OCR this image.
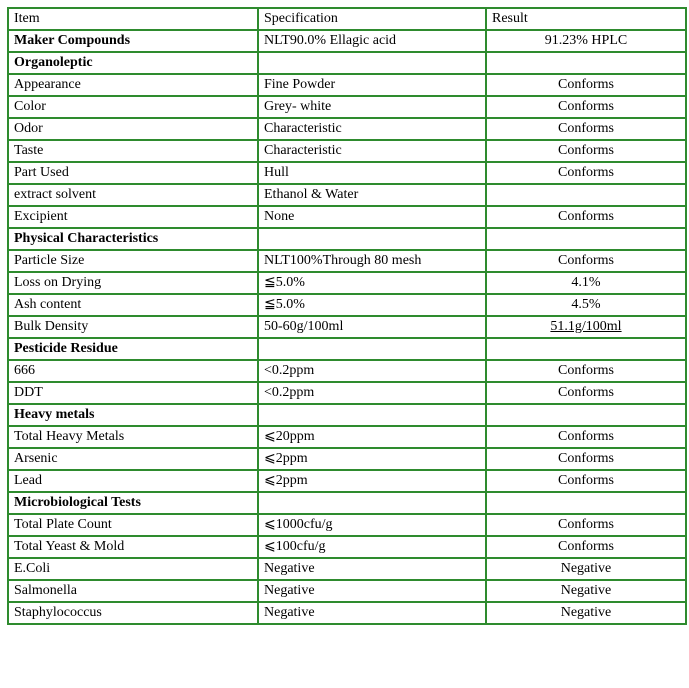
Item	Specification	Result
Maker Compounds	NLT90.0% Ellagic acid	91.23% HPLC
Organoleptic		
Appearance	Fine Powder	Conforms
Color	Grey- white	Conforms
Odor	Characteristic	Conforms
Taste	Characteristic	Conforms
Part Used	Hull	Conforms
extract solvent	Ethanol & Water	
Excipient	None	Conforms
Physical Characteristics		
Particle Size	NLT100%Through 80 mesh	Conforms
Loss on Drying	≦5.0%	4.1%
Ash content	≦5.0%	4.5%
Bulk Density	50-60g/100ml	51.1g/100ml
Pesticide Residue		
666	<0.2ppm	Conforms
DDT	<0.2ppm	Conforms
Heavy metals		
Total Heavy Metals	⩽20ppm	Conforms
Arsenic	⩽2ppm	Conforms
Lead	⩽2ppm	Conforms
Microbiological Tests		
Total Plate Count	⩽1000cfu/g	Conforms
Total Yeast & Mold	⩽100cfu/g	Conforms
E.Coli	Negative	Negative
Salmonella	Negative	Negative
Staphylococcus	Negative	Negative
